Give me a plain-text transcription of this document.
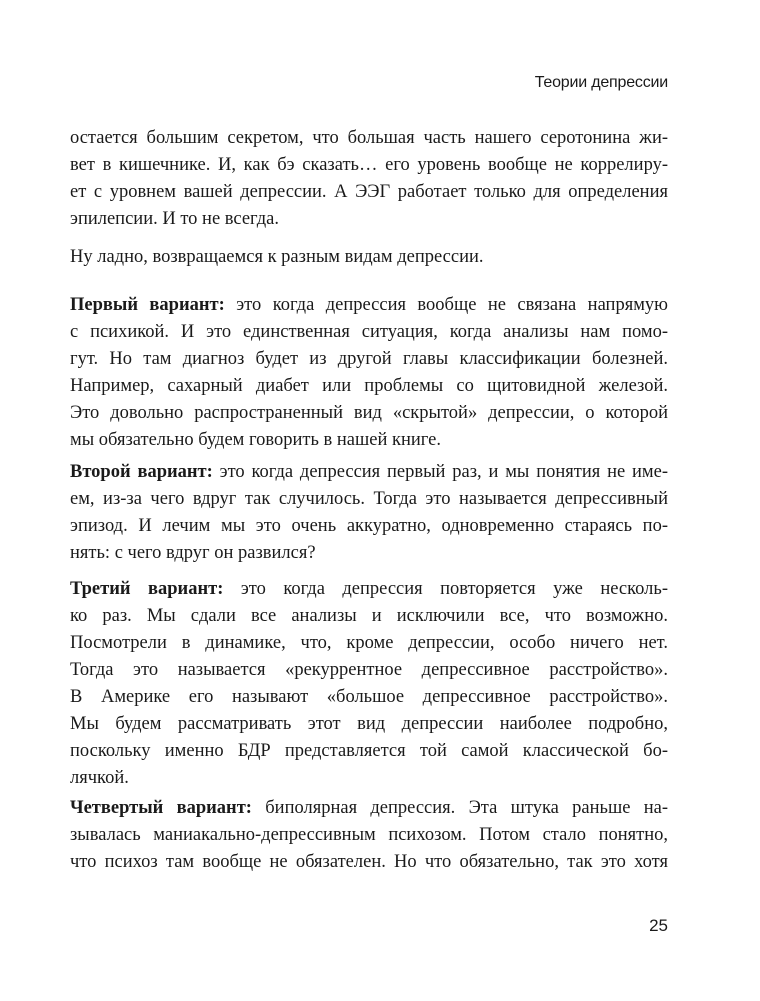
Теории депрессии
остается большим секретом, что большая часть нашего серотонина жи-
вет в кишечнике. И, как бэ сказать… его уровень вообще не коррелиру-
ет с уровнем вашей депрессии. А ЭЭГ работает только для определения
эпилепсии. И то не всегда.
Ну ладно, возвращаемся к разным видам депрессии.
Первый вариант: это когда депрессия вообще не связана напрямую
с психикой. И это единственная ситуация, когда анализы нам помо-
гут. Но там диагноз будет из другой главы классификации болезней.
Например, сахарный диабет или проблемы со щитовидной железой.
Это довольно распространенный вид «скрытой» депрессии, о которой
мы обязательно будем говорить в нашей книге.
Второй вариант: это когда депрессия первый раз, и мы понятия не име-
ем, из-за чего вдруг так случилось. Тогда это называется депрессивный
эпизод. И лечим мы это очень аккуратно, одновременно стараясь по-
нять: с чего вдруг он развился?
Третий вариант: это когда депрессия повторяется уже несколь-
ко раз. Мы сдали все анализы и исключили все, что возможно.
Посмотрели в динамике, что, кроме депрессии, особо ничего нет.
Тогда это называется «рекуррентное депрессивное расстройство».
В Америке его называют «большое депрессивное расстройство».
Мы будем рассматривать этот вид депрессии наиболее подробно,
поскольку именно БДР представляется той самой классической бо-
лячкой.
Четвертый вариант: биполярная депрессия. Эта штука раньше на-
зывалась маниакально-депрессивным психозом. Потом стало понятно,
что психоз там вообще не обязателен. Но что обязательно, так это хотя
25
